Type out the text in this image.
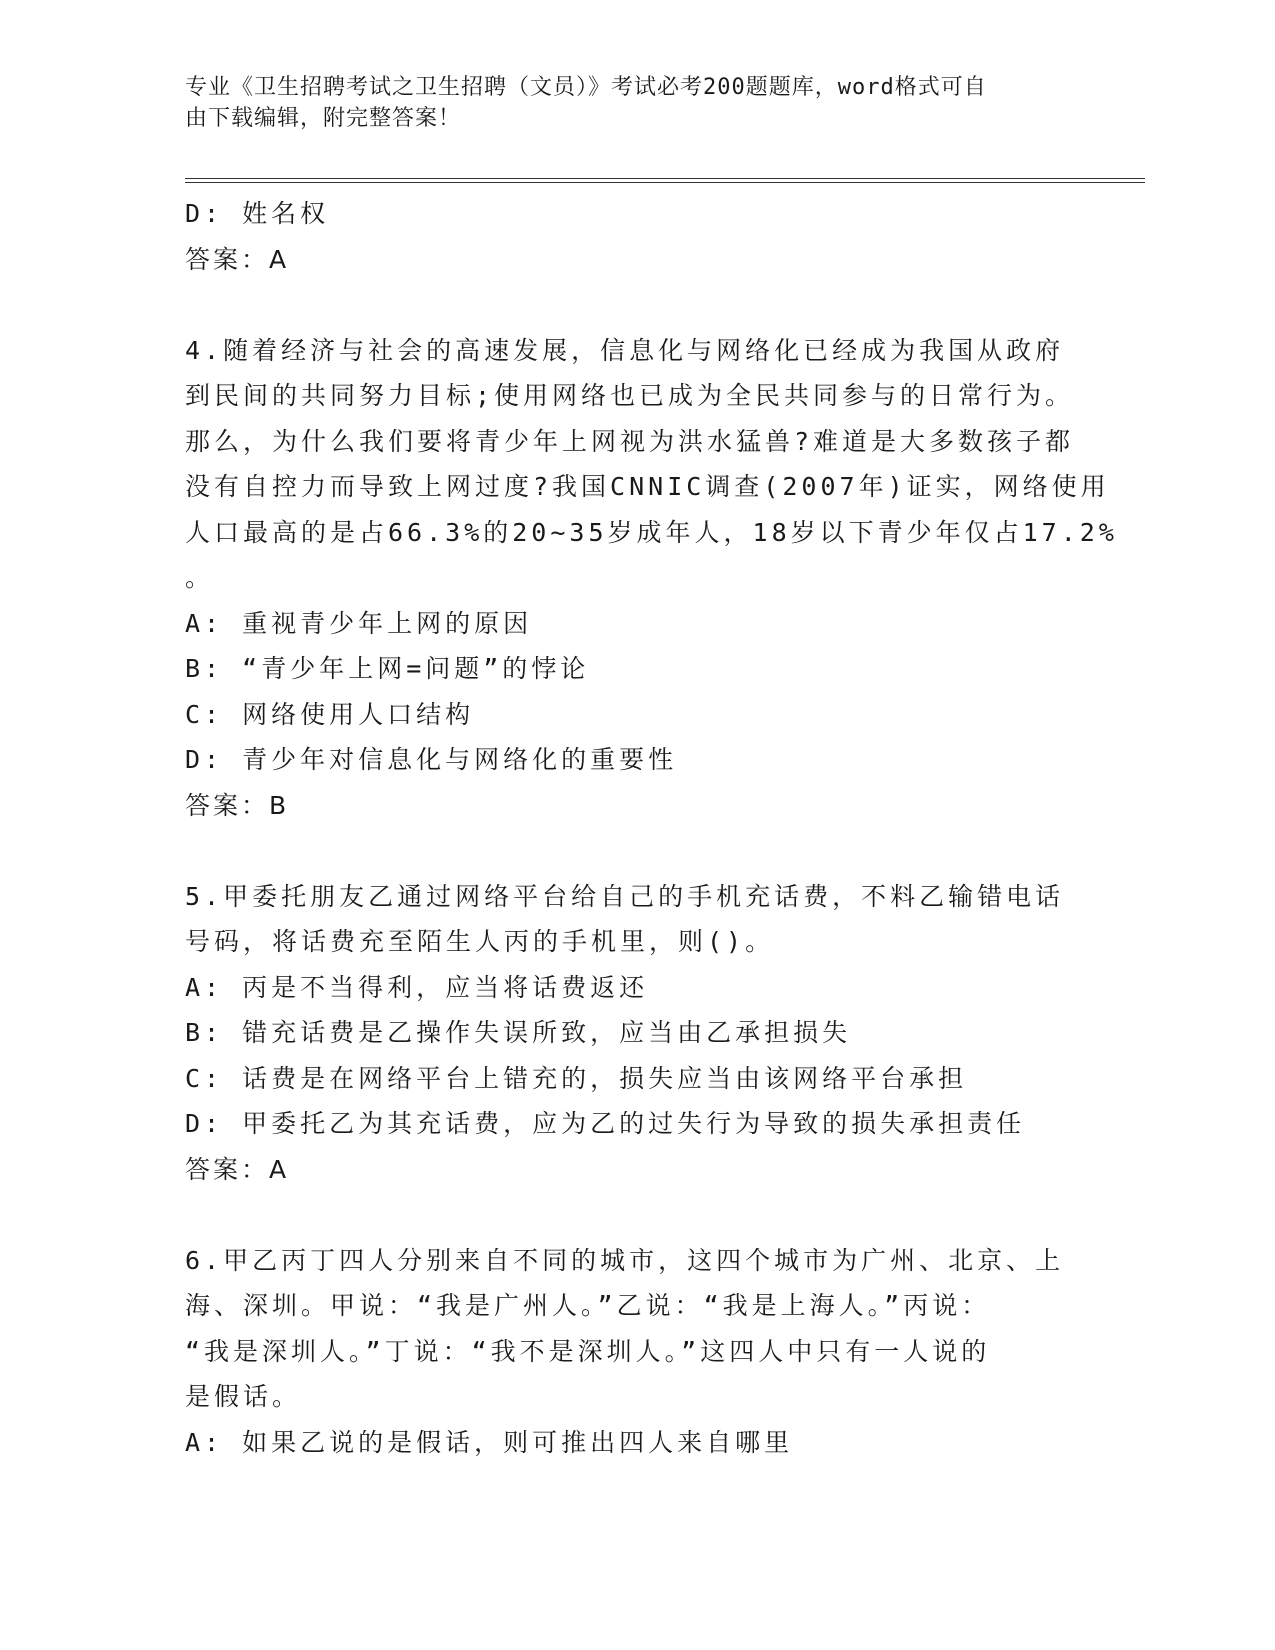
专业《卫生招聘考试之卫生招聘（文员）》考试必考200题题库，word格式可自
由下载编辑，附完整答案！
D: 姓名权
答案：A
4.随着经济与社会的高速发展，信息化与网络化已经成为我国从政府
到民间的共同努力目标;使用网络也已成为全民共同参与的日常行为。
那么，为什么我们要将青少年上网视为洪水猛兽?难道是大多数孩子都
没有自控力而导致上网过度?我国CNNIC调查(2007年)证实，网络使用
人口最高的是占66.3%的20~35岁成年人，18岁以下青少年仅占17.2%
。
A: 重视青少年上网的原因
B: “青少年上网=问题”的悖论
C: 网络使用人口结构
D: 青少年对信息化与网络化的重要性
答案：B
5.甲委托朋友乙通过网络平台给自己的手机充话费，不料乙输错电话
号码，将话费充至陌生人丙的手机里，则()。
A: 丙是不当得利，应当将话费返还
B: 错充话费是乙操作失误所致，应当由乙承担损失
C: 话费是在网络平台上错充的，损失应当由该网络平台承担
D: 甲委托乙为其充话费，应为乙的过失行为导致的损失承担责任
答案：A
6.甲乙丙丁四人分别来自不同的城市，这四个城市为广州、北京、上
海、深圳。甲说：“我是广州人。”乙说：“我是上海人。”丙说：
“我是深圳人。”丁说：“我不是深圳人。”这四人中只有一人说的
是假话。
A: 如果乙说的是假话，则可推出四人来自哪里
